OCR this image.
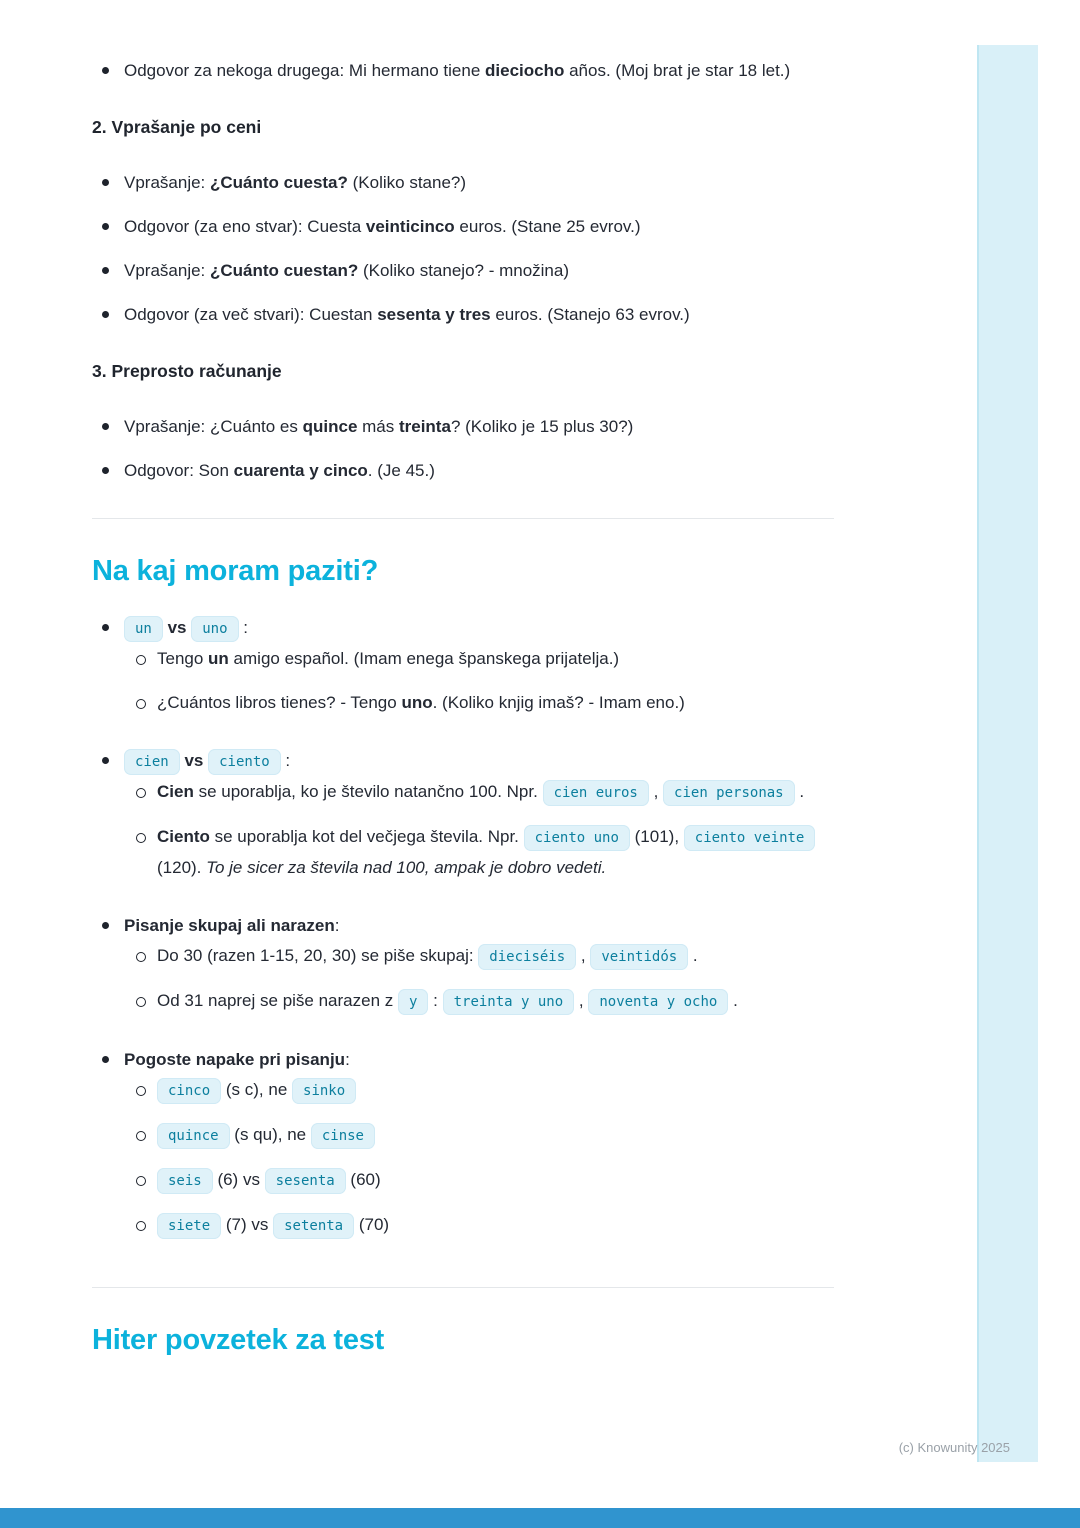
Odgovor za nekoga drugega: Mi hermano tiene dieciocho años. (Moj brat je star 18 let.)
2. Vprašanje po ceni
Vprašanje: ¿Cuánto cuesta? (Koliko stane?)
Odgovor (za eno stvar): Cuesta veinticinco euros. (Stane 25 evrov.)
Vprašanje: ¿Cuánto cuestan? (Koliko stanejo? - množina)
Odgovor (za več stvari): Cuestan sesenta y tres euros. (Stanejo 63 evrov.)
3. Preprosto računanje
Vprašanje: ¿Cuánto es quince más treinta? (Koliko je 15 plus 30?)
Odgovor: Son cuarenta y cinco. (Je 45.)
Na kaj moram paziti?
un vs uno :
Tengo un amigo español. (Imam enega španskega prijatelja.)
¿Cuántos libros tienes? - Tengo uno. (Koliko knjig imaš? - Imam eno.)
cien vs ciento :
Cien se uporablja, ko je število natančno 100. Npr. cien euros , cien personas .
Ciento se uporablja kot del večjega števila. Npr. ciento uno (101), ciento veinte (120). To je sicer za števila nad 100, ampak je dobro vedeti.
Pisanje skupaj ali narazen:
Do 30 (razen 1-15, 20, 30) se piše skupaj: dieciséis , veintidós .
Od 31 naprej se piše narazen z y : treinta y uno , noventa y ocho .
Pogoste napake pri pisanju:
cinco (s c), ne sinko
quince (s qu), ne cinse
seis (6) vs sesenta (60)
siete (7) vs setenta (70)
Hiter povzetek za test
(c) Knowunity 2025
